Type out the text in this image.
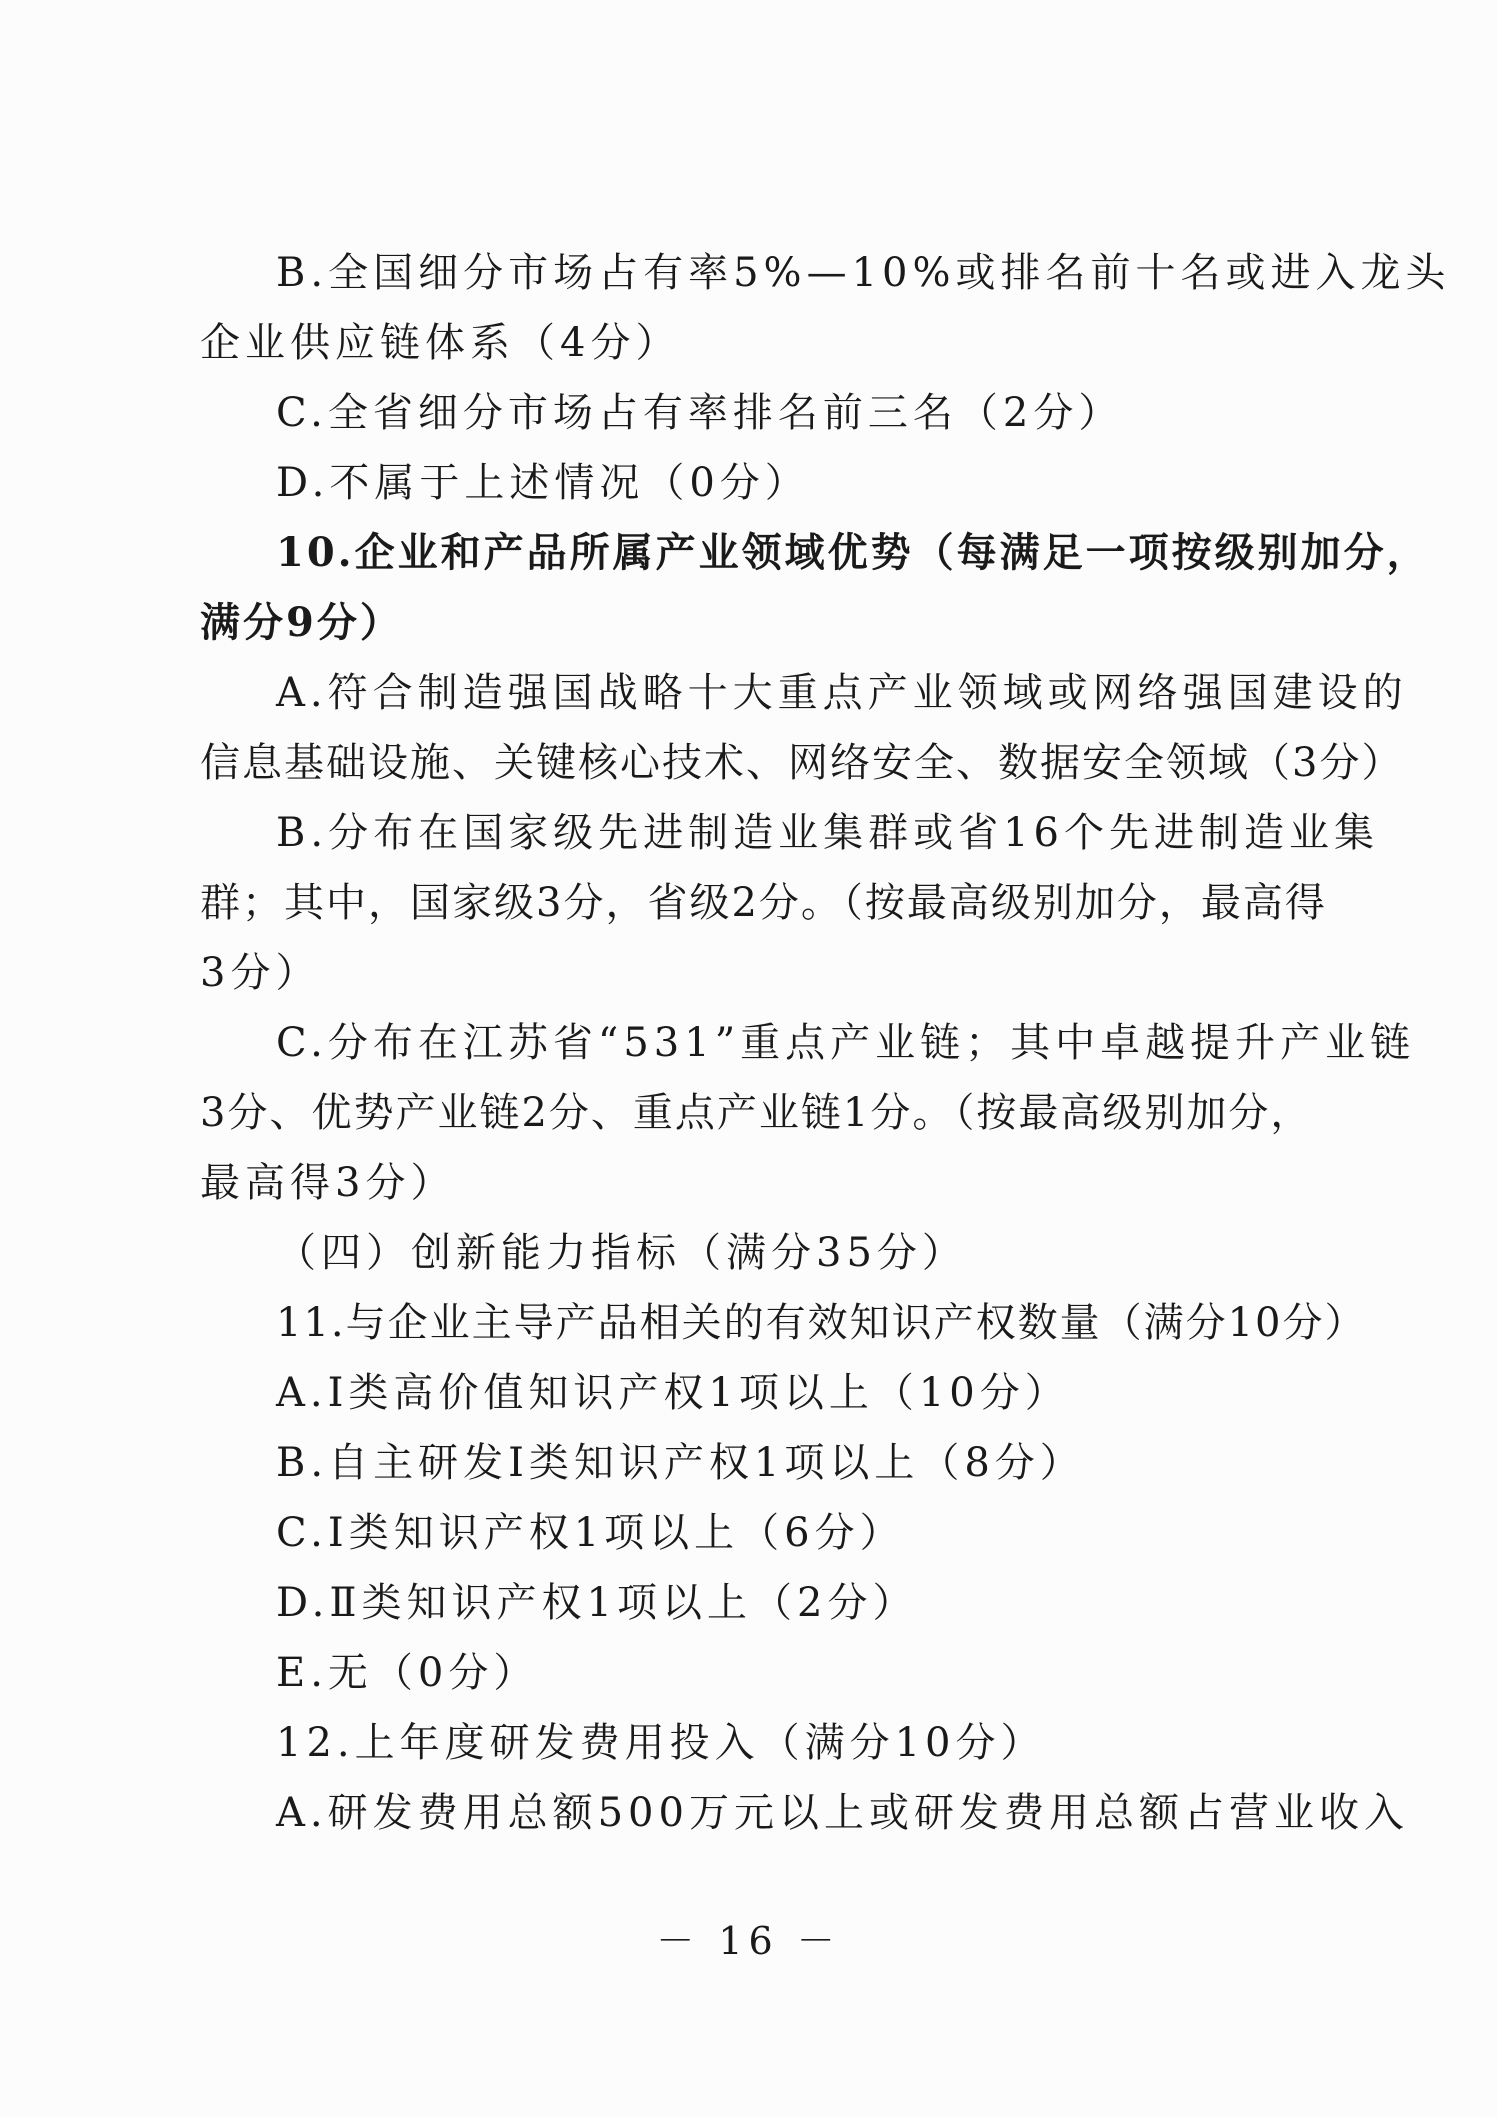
B.全国细分市场占有率5%—10%或排名前十名或进入龙头
企业供应链体系（4分）
C.全省细分市场占有率排名前三名（2分）
D.不属于上述情况（0分）
10.企业和产品所属产业领域优势（每满足一项按级别加分，
满分9分）
A.符合制造强国战略十大重点产业领域或网络强国建设的
信息基础设施、关键核心技术、网络安全、数据安全领域（3分）
B.分布在国家级先进制造业集群或省16个先进制造业集
群；其中，国家级3分，省级2分。（按最高级别加分，最高得
3分）
C.分布在江苏省“531”重点产业链；其中卓越提升产业链
3分、优势产业链2分、重点产业链1分。（按最高级别加分，
最高得3分）
（四）创新能力指标（满分35分）
11.与企业主导产品相关的有效知识产权数量（满分10分）
A.Ⅰ类高价值知识产权1项以上（10分）
B.自主研发Ⅰ类知识产权1项以上（8分）
C.Ⅰ类知识产权1项以上（6分）
D.Ⅱ类知识产权1项以上（2分）
E.无（0分）
12.上年度研发费用投入（满分10分）
A.研发费用总额500万元以上或研发费用总额占营业收入
－ 16 －
